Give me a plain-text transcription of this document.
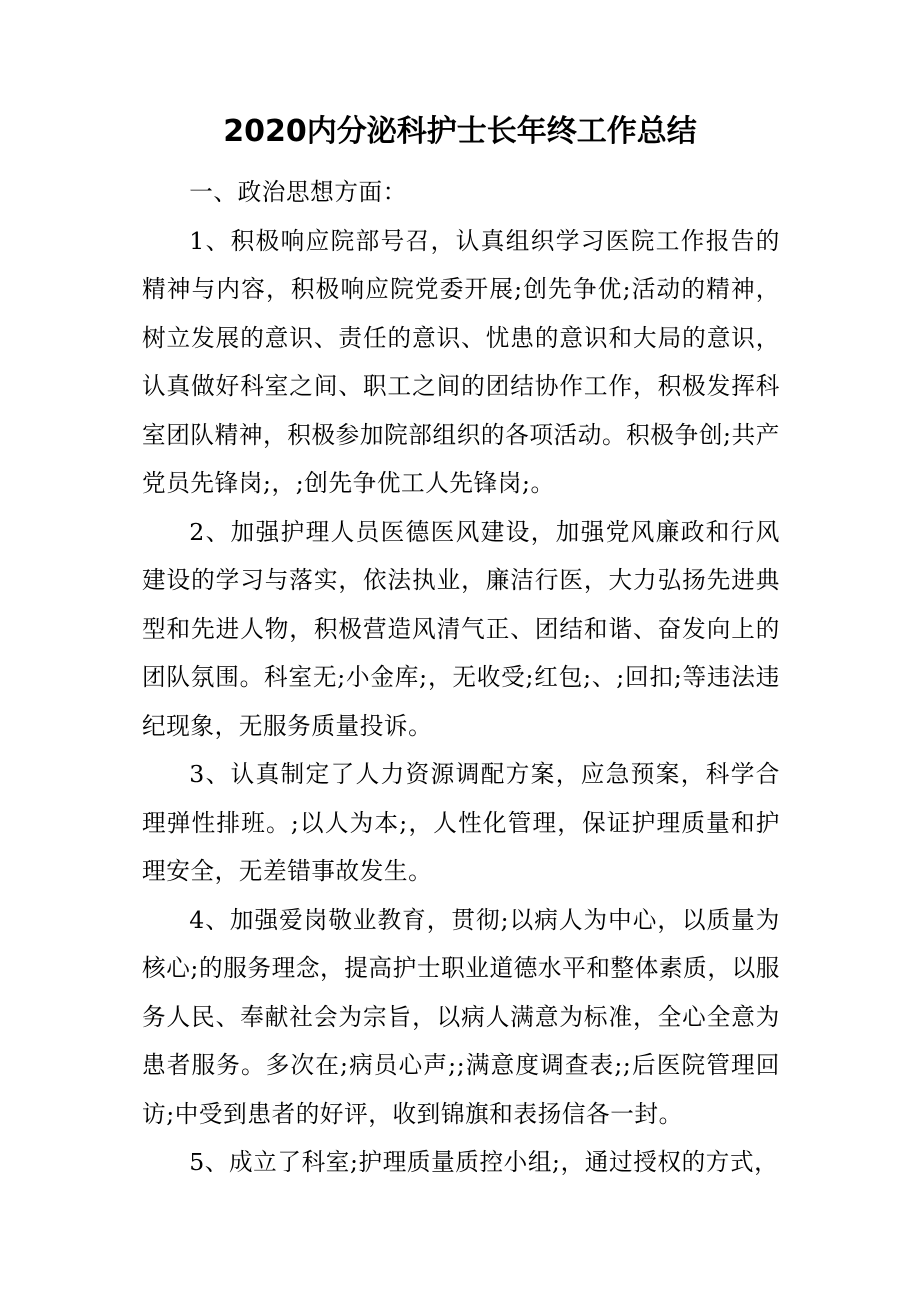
2020内分泌科护士长年终工作总结

一、政治思想方面：

1、积极响应院部号召，认真组织学习医院工作报告的精神与内容，积极响应院党委开展;创先争优;活动的精神，树立发展的意识、责任的意识、忧患的意识和大局的意识，认真做好科室之间、职工之间的团结协作工作，积极发挥科室团队精神，积极参加院部组织的各项活动。积极争创;共产党员先锋岗;，;创先争优工人先锋岗;。

2、加强护理人员医德医风建设，加强党风廉政和行风建设的学习与落实，依法执业，廉洁行医，大力弘扬先进典型和先进人物，积极营造风清气正、团结和谐、奋发向上的团队氛围。科室无;小金库;，无收受;红包;、;回扣;等违法违纪现象，无服务质量投诉。

3、认真制定了人力资源调配方案，应急预案，科学合理弹性排班。;以人为本;，人性化管理，保证护理质量和护理安全，无差错事故发生。

4、加强爱岗敬业教育，贯彻;以病人为中心，以质量为核心;的服务理念，提高护士职业道德水平和整体素质，以服务人民、奉献社会为宗旨，以病人满意为标准，全心全意为患者服务。多次在;病员心声;;满意度调查表;;后医院管理回访;中受到患者的好评，收到锦旗和表扬信各一封。

5、成立了科室;护理质量质控小组;，通过授权的方式，
